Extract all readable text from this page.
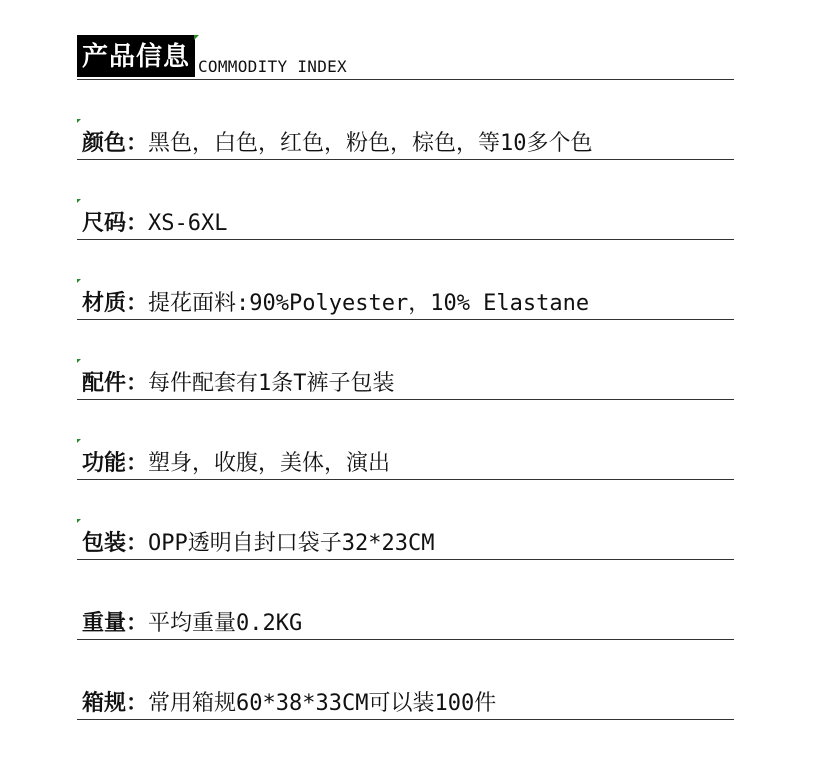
产品信息 COMMODITY INDEX
颜色：黑色，白色，红色，粉色，棕色，等10多个色
尺码：XS-6XL
材质：提花面料:90%Polyester，10% Elastane
配件：每件配套有1条T裤子包装
功能：塑身，收腹，美体，演出
包装：OPP透明自封口袋子32*23CM
重量：平均重量0.2KG
箱规：常用箱规60*38*33CM可以装100件
